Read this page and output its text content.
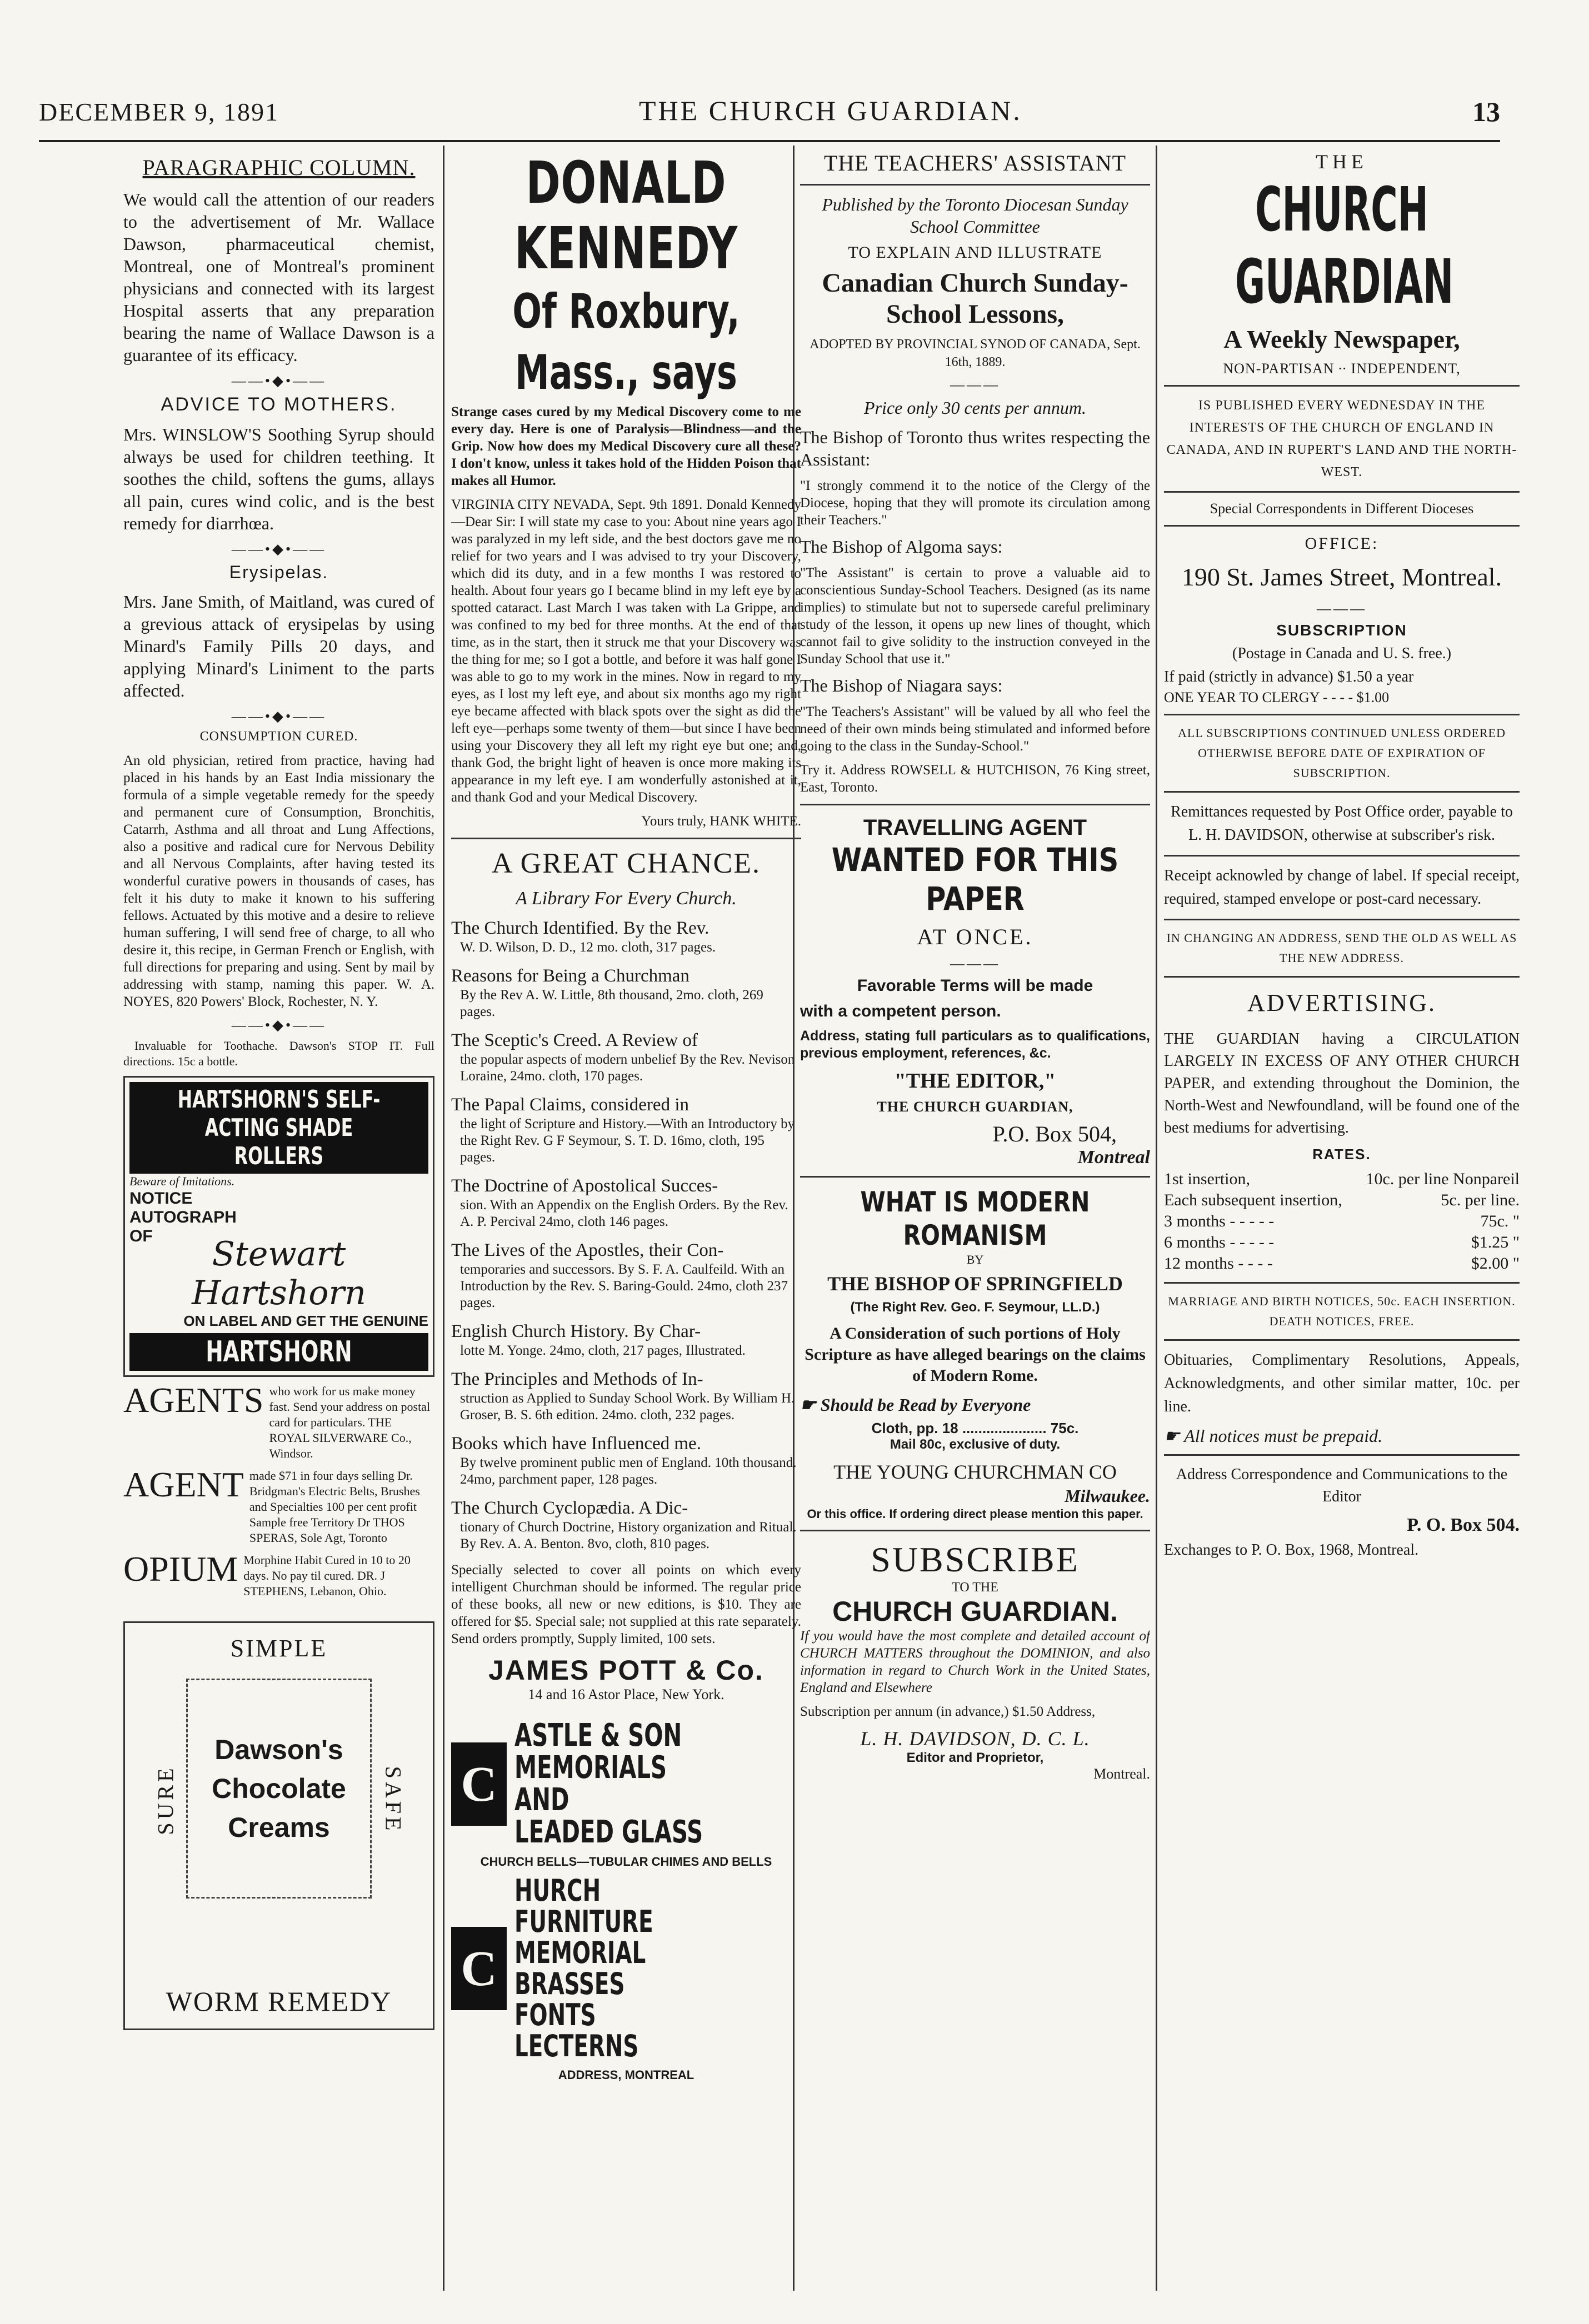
DECEMBER 9, 1891	THE CHURCH GUARDIAN.	13
PARAGRAPHIC COLUMN.

We would call the attention of our readers to the advertisement of Mr. Wallace Dawson, pharmaceutical chemist, Montreal, one of Montreal's prominent physicians and connected with its largest Hospital asserts that any preparation bearing the name of Wallace Dawson is a guarantee of its efficacy.

——•◆•——
ADVICE TO MOTHERS.

Mrs. WINSLOW'S Soothing Syrup should always be used for children teething. It soothes the child, softens the gums, allays all pain, cures wind colic, and is the best remedy for diarrhœa.

——•◆•——
Erysipelas.

Mrs. Jane Smith, of Maitland, was cured of a grevious attack of erysipelas by using Minard's Family Pills 20 days, and applying Minard's Liniment to the parts affected.

——•◆•——
CONSUMPTION CURED.

An old physician, retired from practice, having had placed in his hands by an East India missionary the formula of a simple vegetable remedy for the speedy and permanent cure of Consumption, Bronchitis, Catarrh, Asthma and all throat and Lung Affections, also a positive and radical cure for Nervous Debility and all Nervous Complaints, after having tested its wonderful curative powers in thousands of cases, has felt it his duty to make it known to his suffering fellows. Actuated by this motive and a desire to relieve human suffering, I will send free of charge, to all who desire it, this recipe, in German French or English, with full directions for preparing and using. Sent by mail by addressing with stamp, naming this paper. W. A. NOYES, 820 Powers' Block, Rochester, N. Y.

——•◆•——

Invaluable for Toothache. Dawson's STOP IT. Full directions. 15c a bottle.

HARTSHORN'S SELF-ACTING SHADE ROLLERS
Beware of Imitations.
NOTICE AUTOGRAPH OF	Stewart Hartshorn
ON LABEL AND GET THE GENUINE
HARTSHORN
AGENTS who work for us make money fast. Send your address on postal card for particulars. THE ROYAL SILVERWARE Co., Windsor.
AGENT made $71 in four days selling Dr. Bridgman's Electric Belts, Brushes and Specialties 100 per cent profit Sample free Territory Dr THOS SPERAS, Sole Agt, Toronto
OPIUM Morphine Habit Cured in 10 to 20 days. No pay til cured. DR. J STEPHENS, Lebanon, Ohio.
SIMPLE
Dawson's
Chocolate
Creams
SURE	SAFE
WORM REMEDY
DONALD KENNEDY
Of Roxbury, Mass., says

Strange cases cured by my Medical Discovery come to me every day. Here is one of Paralysis—Blindness—and the Grip. Now how does my Medical Discovery cure all these? I don't know, unless it takes hold of the Hidden Poison that makes all Humor.

VIRGINIA CITY NEVADA, Sept. 9th 1891. Donald Kennedy—Dear Sir: I will state my case to you: About nine years ago I was paralyzed in my left side, and the best doctors gave me no relief for two years and I was advised to try your Discovery, which did its duty, and in a few months I was restored to health. About four years go I became blind in my left eye by a spotted cataract. Last March I was taken with La Grippe, and was confined to my bed for three months. At the end of that time, as in the start, then it struck me that your Discovery was the thing for me; so I got a bottle, and before it was half gone I was able to go to my work in the mines. Now in regard to my eyes, as I lost my left eye, and about six months ago my right eye became affected with black spots over the sight as did the left eye—perhaps some twenty of them—but since I have been using your Discovery they all left my right eye but one; and, thank God, the bright light of heaven is once more making its appearance in my left eye. I am wonderfully astonished at it, and thank God and your Medical Discovery.

Yours truly, HANK WHITE.

A GREAT CHANCE.
A Library For Every Church.
The Church Identified. By the Rev.
W. D. Wilson, D. D., 12 mo. cloth, 317 pages.
Reasons for Being a Churchman
By the Rev A. W. Little, 8th thousand, 2mo. cloth, 269 pages.
The Sceptic's Creed. A Review of
the popular aspects of modern unbelief By the Rev. Nevison Loraine, 24mo. cloth, 170 pages.
The Papal Claims, considered in
the light of Scripture and History.—With an Introductory by the Right Rev. G F Seymour, S. T. D. 16mo, cloth, 195 pages.
The Doctrine of Apostolical Succes-
sion. With an Appendix on the English Orders. By the Rev. A. P. Percival 24mo, cloth 146 pages.
The Lives of the Apostles, their Con-
temporaries and successors. By S. F. A. Caulfeild. With an Introduction by the Rev. S. Baring-Gould. 24mo, cloth 237 pages.
English Church History. By Char-
lotte M. Yonge. 24mo, cloth, 217 pages, Illustrated.
The Principles and Methods of In-
struction as Applied to Sunday School Work. By William H. Groser, B. S. 6th edition. 24mo. cloth, 232 pages.
Books which have Influenced me.
By twelve prominent public men of England. 10th thousand. 24mo, parchment paper, 128 pages.
The Church Cyclopædia. A Dic-
tionary of Church Doctrine, History organization and Ritual. By Rev. A. A. Benton. 8vo, cloth, 810 pages.

Specially selected to cover all points on which every intelligent Churchman should be informed. The regular price of these books, all new or new editions, is $10. They are offered for $5. Special sale; not supplied at this rate separately. Send orders promptly, Supply limited, 100 sets.

JAMES POTT & Co.
14 and 16 Astor Place, New York.
C
ASTLE & SON
MEMORIALS AND
LEADED GLASS
CHURCH BELLS—TUBULAR CHIMES AND BELLS
C
HURCH FURNITURE
MEMORIAL BRASSES
FONTS LECTERNS
ADDRESS, MONTREAL
THE TEACHERS' ASSISTANT
Published by the Toronto Diocesan Sunday School Committee
TO EXPLAIN AND ILLUSTRATE
Canadian Church Sunday-School Lessons,
ADOPTED BY PROVINCIAL SYNOD OF CANADA, Sept. 16th, 1889.
———
Price only 30 cents per annum.

The Bishop of Toronto thus writes respecting the Assistant:

"I strongly commend it to the notice of the Clergy of the Diocese, hoping that they will promote its circulation among their Teachers."

The Bishop of Algoma says:

"The Assistant" is certain to prove a valuable aid to conscientious Sunday-School Teachers. Designed (as its name implies) to stimulate but not to supersede careful preliminary study of the lesson, it opens up new lines of thought, which cannot fail to give solidity to the instruction conveyed in the Sunday School that use it."

The Bishop of Niagara says:

"The Teachers's Assistant" will be valued by all who feel the need of their own minds being stimulated and informed before going to the class in the Sunday-School."

Try it. Address ROWSELL & HUTCHISON, 76 King street, East, Toronto.

TRAVELLING AGENT
WANTED FOR THIS PAPER
AT ONCE.
———
Favorable Terms will be made
with a competent person.

Address, stating full particulars as to qualifications, previous employment, references, &c.

"THE EDITOR,"
THE CHURCH GUARDIAN,
P.O. Box 504,
Montreal
WHAT IS MODERN ROMANISM
BY
THE BISHOP OF SPRINGFIELD
(The Right Rev. Geo. F. Seymour, LL.D.)
A Consideration of such portions of Holy Scripture as have alleged bearings on the claims of Modern Rome.
☛ Should be Read by Everyone
Cloth, pp. 18 ..................... 75c.
Mail 80c, exclusive of duty.
THE YOUNG CHURCHMAN CO
Milwaukee.
Or this office. If ordering direct please mention this paper.
SUBSCRIBE
TO THE
CHURCH GUARDIAN.

If you would have the most complete and detailed account of CHURCH MATTERS throughout the DOMINION, and also information in regard to Church Work in the United States, England and Elsewhere

Subscription per annum (in advance,) $1.50 Address,

L. H. DAVIDSON, D. C. L.
Editor and Proprietor,
Montreal.
THE
CHURCH GUARDIAN
A Weekly Newspaper,
NON-PARTISAN ∙∙ INDEPENDENT,
IS PUBLISHED EVERY WEDNESDAY IN THE INTERESTS OF THE CHURCH OF ENGLAND IN CANADA, AND IN RUPERT'S LAND AND THE NORTH-WEST.
Special Correspondents in Different Dioceses
OFFICE:
190 St. James Street, Montreal.
———
SUBSCRIPTION
(Postage in Canada and U. S. free.)
If paid (strictly in advance) $1.50 a year
ONE YEAR TO CLERGY - - - - $1.00
ALL SUBSCRIPTIONS CONTINUED UNLESS ORDERED OTHERWISE BEFORE DATE OF EXPIRATION OF SUBSCRIPTION.

Remittances requested by Post Office order, payable to L. H. DAVIDSON, otherwise at subscriber's risk.

Receipt acknowled by change of label. If special receipt, required, stamped envelope or post-card necessary.

IN CHANGING AN ADDRESS, SEND THE OLD AS WELL AS THE NEW ADDRESS.
ADVERTISING.

THE GUARDIAN having a CIRCULATION LARGELY IN EXCESS OF ANY OTHER CHURCH PAPER, and extending throughout the Dominion, the North-West and Newfoundland, will be found one of the best mediums for advertising.

RATES.
1st insertion,	10c. per line Nonpareil
Each subsequent insertion,	5c. per line.
3 months - - - - -	75c. "
6 months - - - - -	$1.25 "
12 months - - - -	$2.00 "
MARRIAGE AND BIRTH NOTICES, 50c. EACH INSERTION. DEATH NOTICES, FREE.

Obituaries, Complimentary Resolutions, Appeals, Acknowledgments, and other similar matter, 10c. per line.

☛ All notices must be prepaid.

Address Correspondence and Communications to the Editor

P. O. Box 504.
Exchanges to P. O. Box, 1968, Montreal.
